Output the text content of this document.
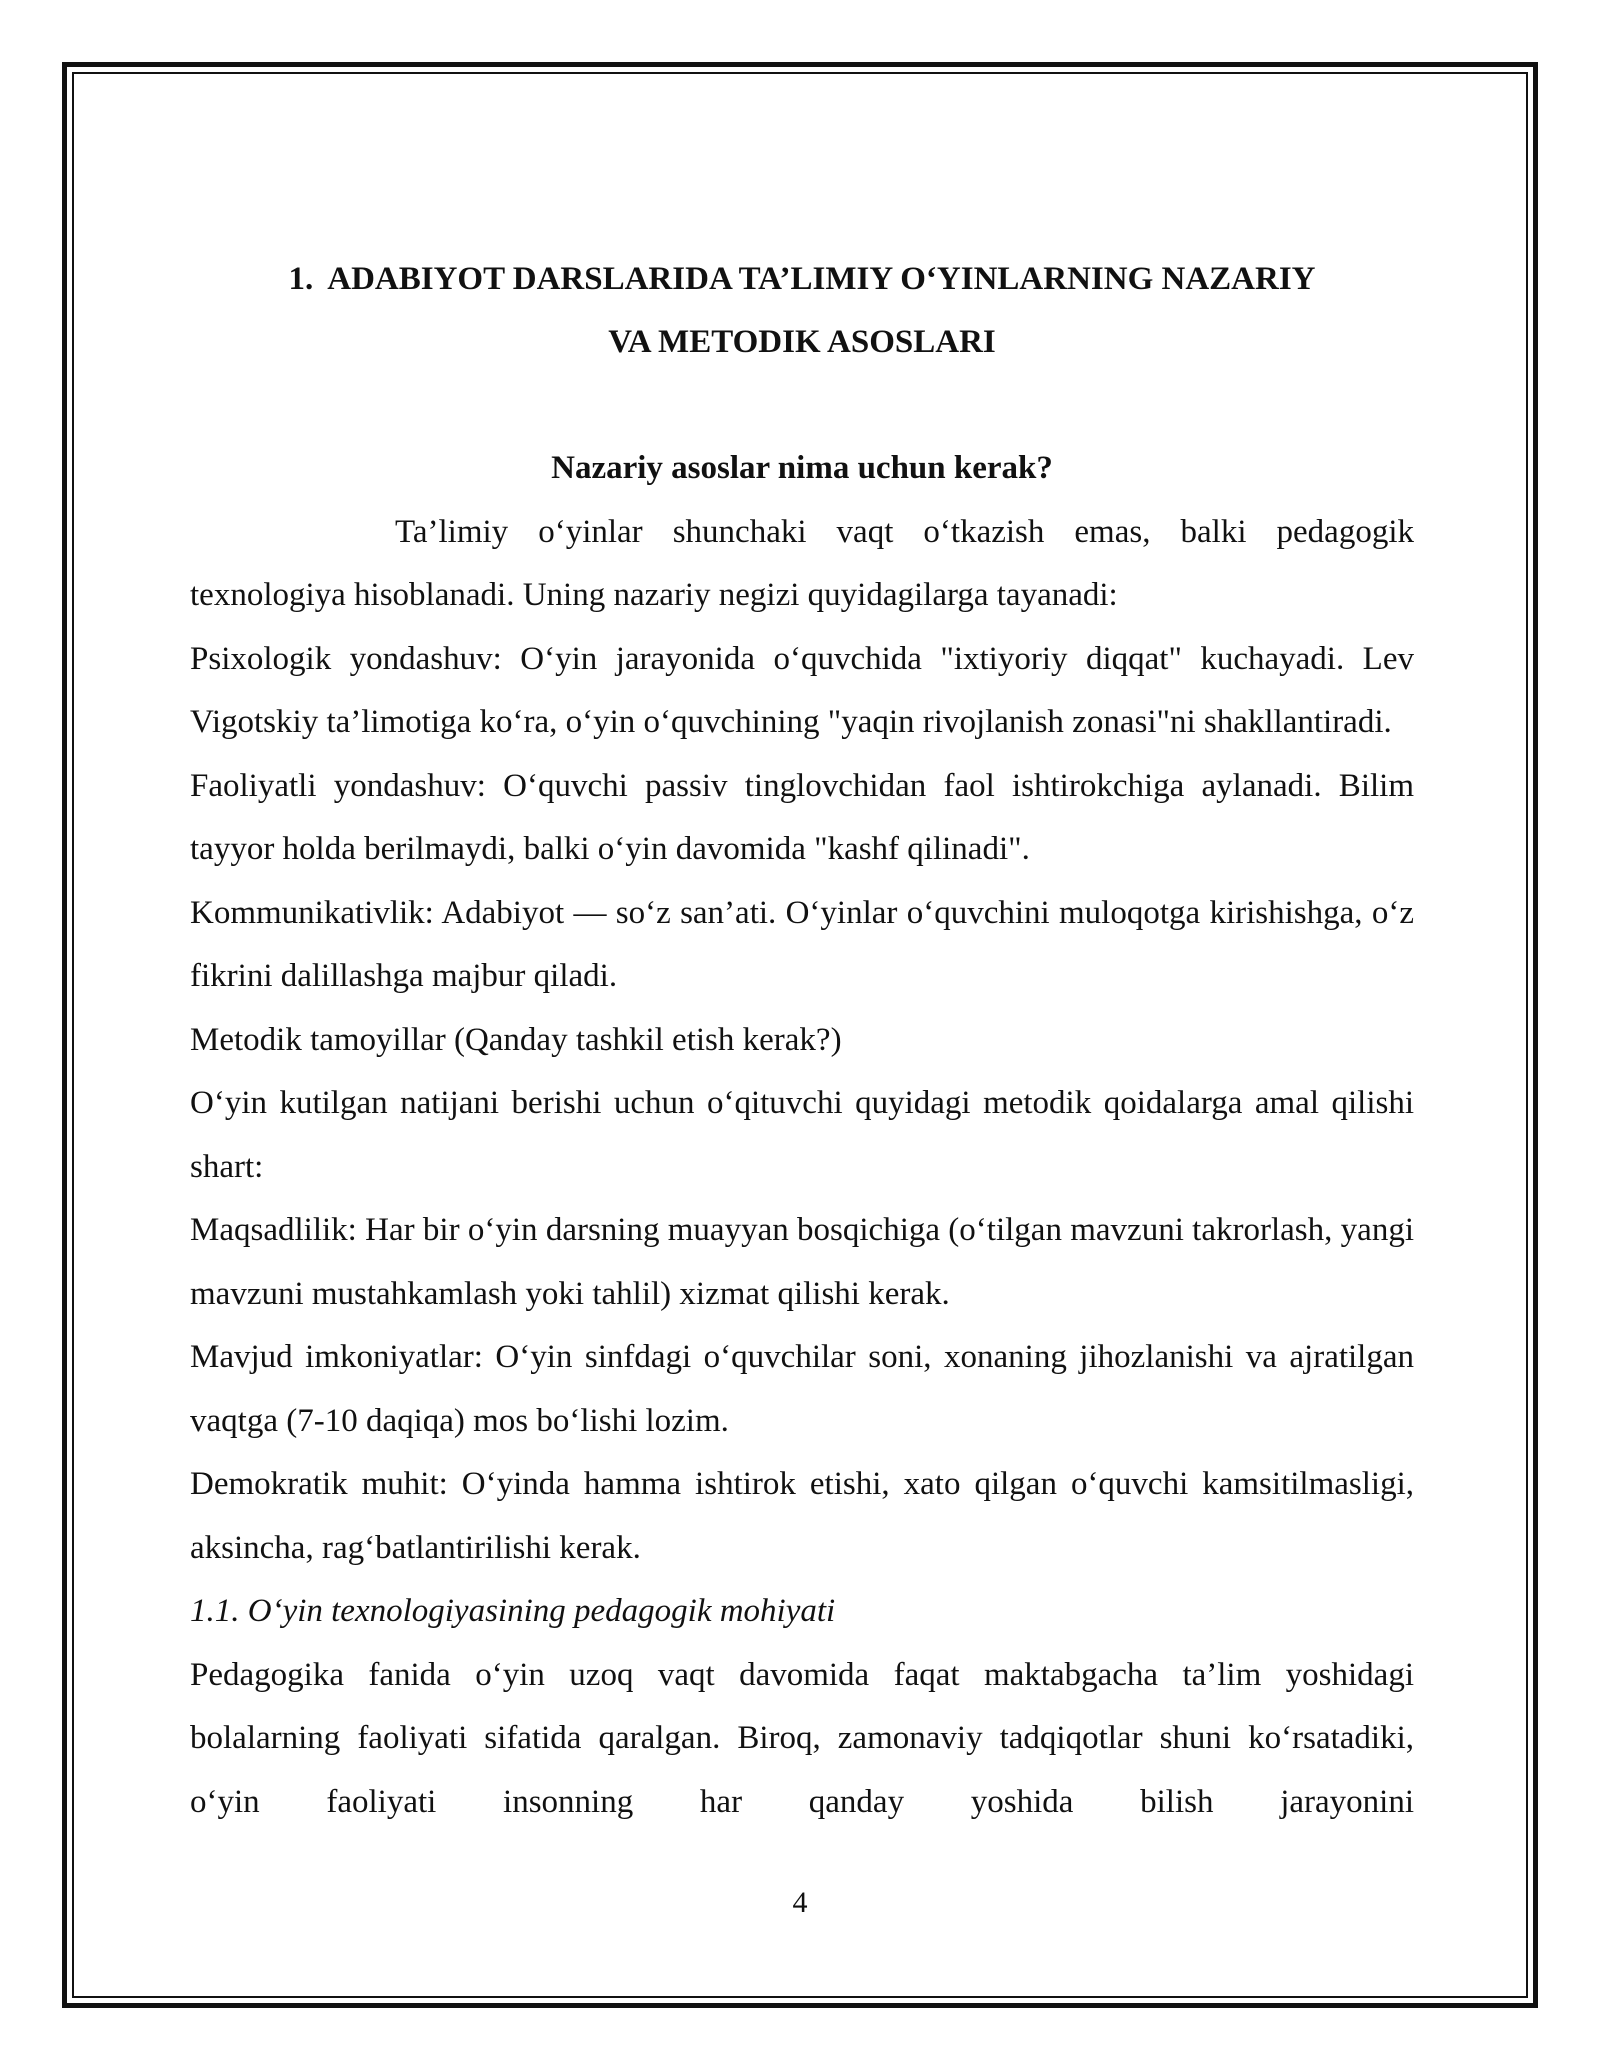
1. ADABIYOT DARSLARIDA TA’LIMIY O‘YINLARNING NAZARIY
VA METODIK ASOSLARI

Nazariy asoslar nima uchun kerak?

Ta’limiy o‘yinlar shunchaki vaqt o‘tkazish emas, balki pedagogik texnologiya hisoblanadi. Uning nazariy negizi quyidagilarga tayanadi:

Psixologik yondashuv: O‘yin jarayonida o‘quvchida "ixtiyoriy diqqat" kuchayadi. Lev Vigotskiy ta’limotiga ko‘ra, o‘yin o‘quvchining "yaqin rivojlanish zonasi"ni shakllantiradi.

Faoliyatli yondashuv: O‘quvchi passiv tinglovchidan faol ishtirokchiga aylanadi. Bilim tayyor holda berilmaydi, balki o‘yin davomida "kashf qilinadi".

Kommunikativlik: Adabiyot — so‘z san’ati. O‘yinlar o‘quvchini muloqotga kirishishga, o‘z fikrini dalillashga majbur qiladi.

Metodik tamoyillar (Qanday tashkil etish kerak?)

O‘yin kutilgan natijani berishi uchun o‘qituvchi quyidagi metodik qoidalarga amal qilishi shart:

Maqsadlilik: Har bir o‘yin darsning muayyan bosqichiga (o‘tilgan mavzuni takrorlash, yangi mavzuni mustahkamlash yoki tahlil) xizmat qilishi kerak.

Mavjud imkoniyatlar: O‘yin sinfdagi o‘quvchilar soni, xonaning jihozlanishi va ajratilgan vaqtga (7-10 daqiqa) mos bo‘lishi lozim.

Demokratik muhit: O‘yinda hamma ishtirok etishi, xato qilgan o‘quvchi kamsitilmasligi, aksincha, rag‘batlantirilishi kerak.

1.1. O‘yin texnologiyasining pedagogik mohiyati

Pedagogika fanida o‘yin uzoq vaqt davomida faqat maktabgacha ta’lim yoshidagi bolalarning faoliyati sifatida qaralgan. Biroq, zamonaviy tadqiqotlar shuni ko‘rsatadiki, o‘yin faoliyati insonning har qanday yoshida bilish jarayonini

4
